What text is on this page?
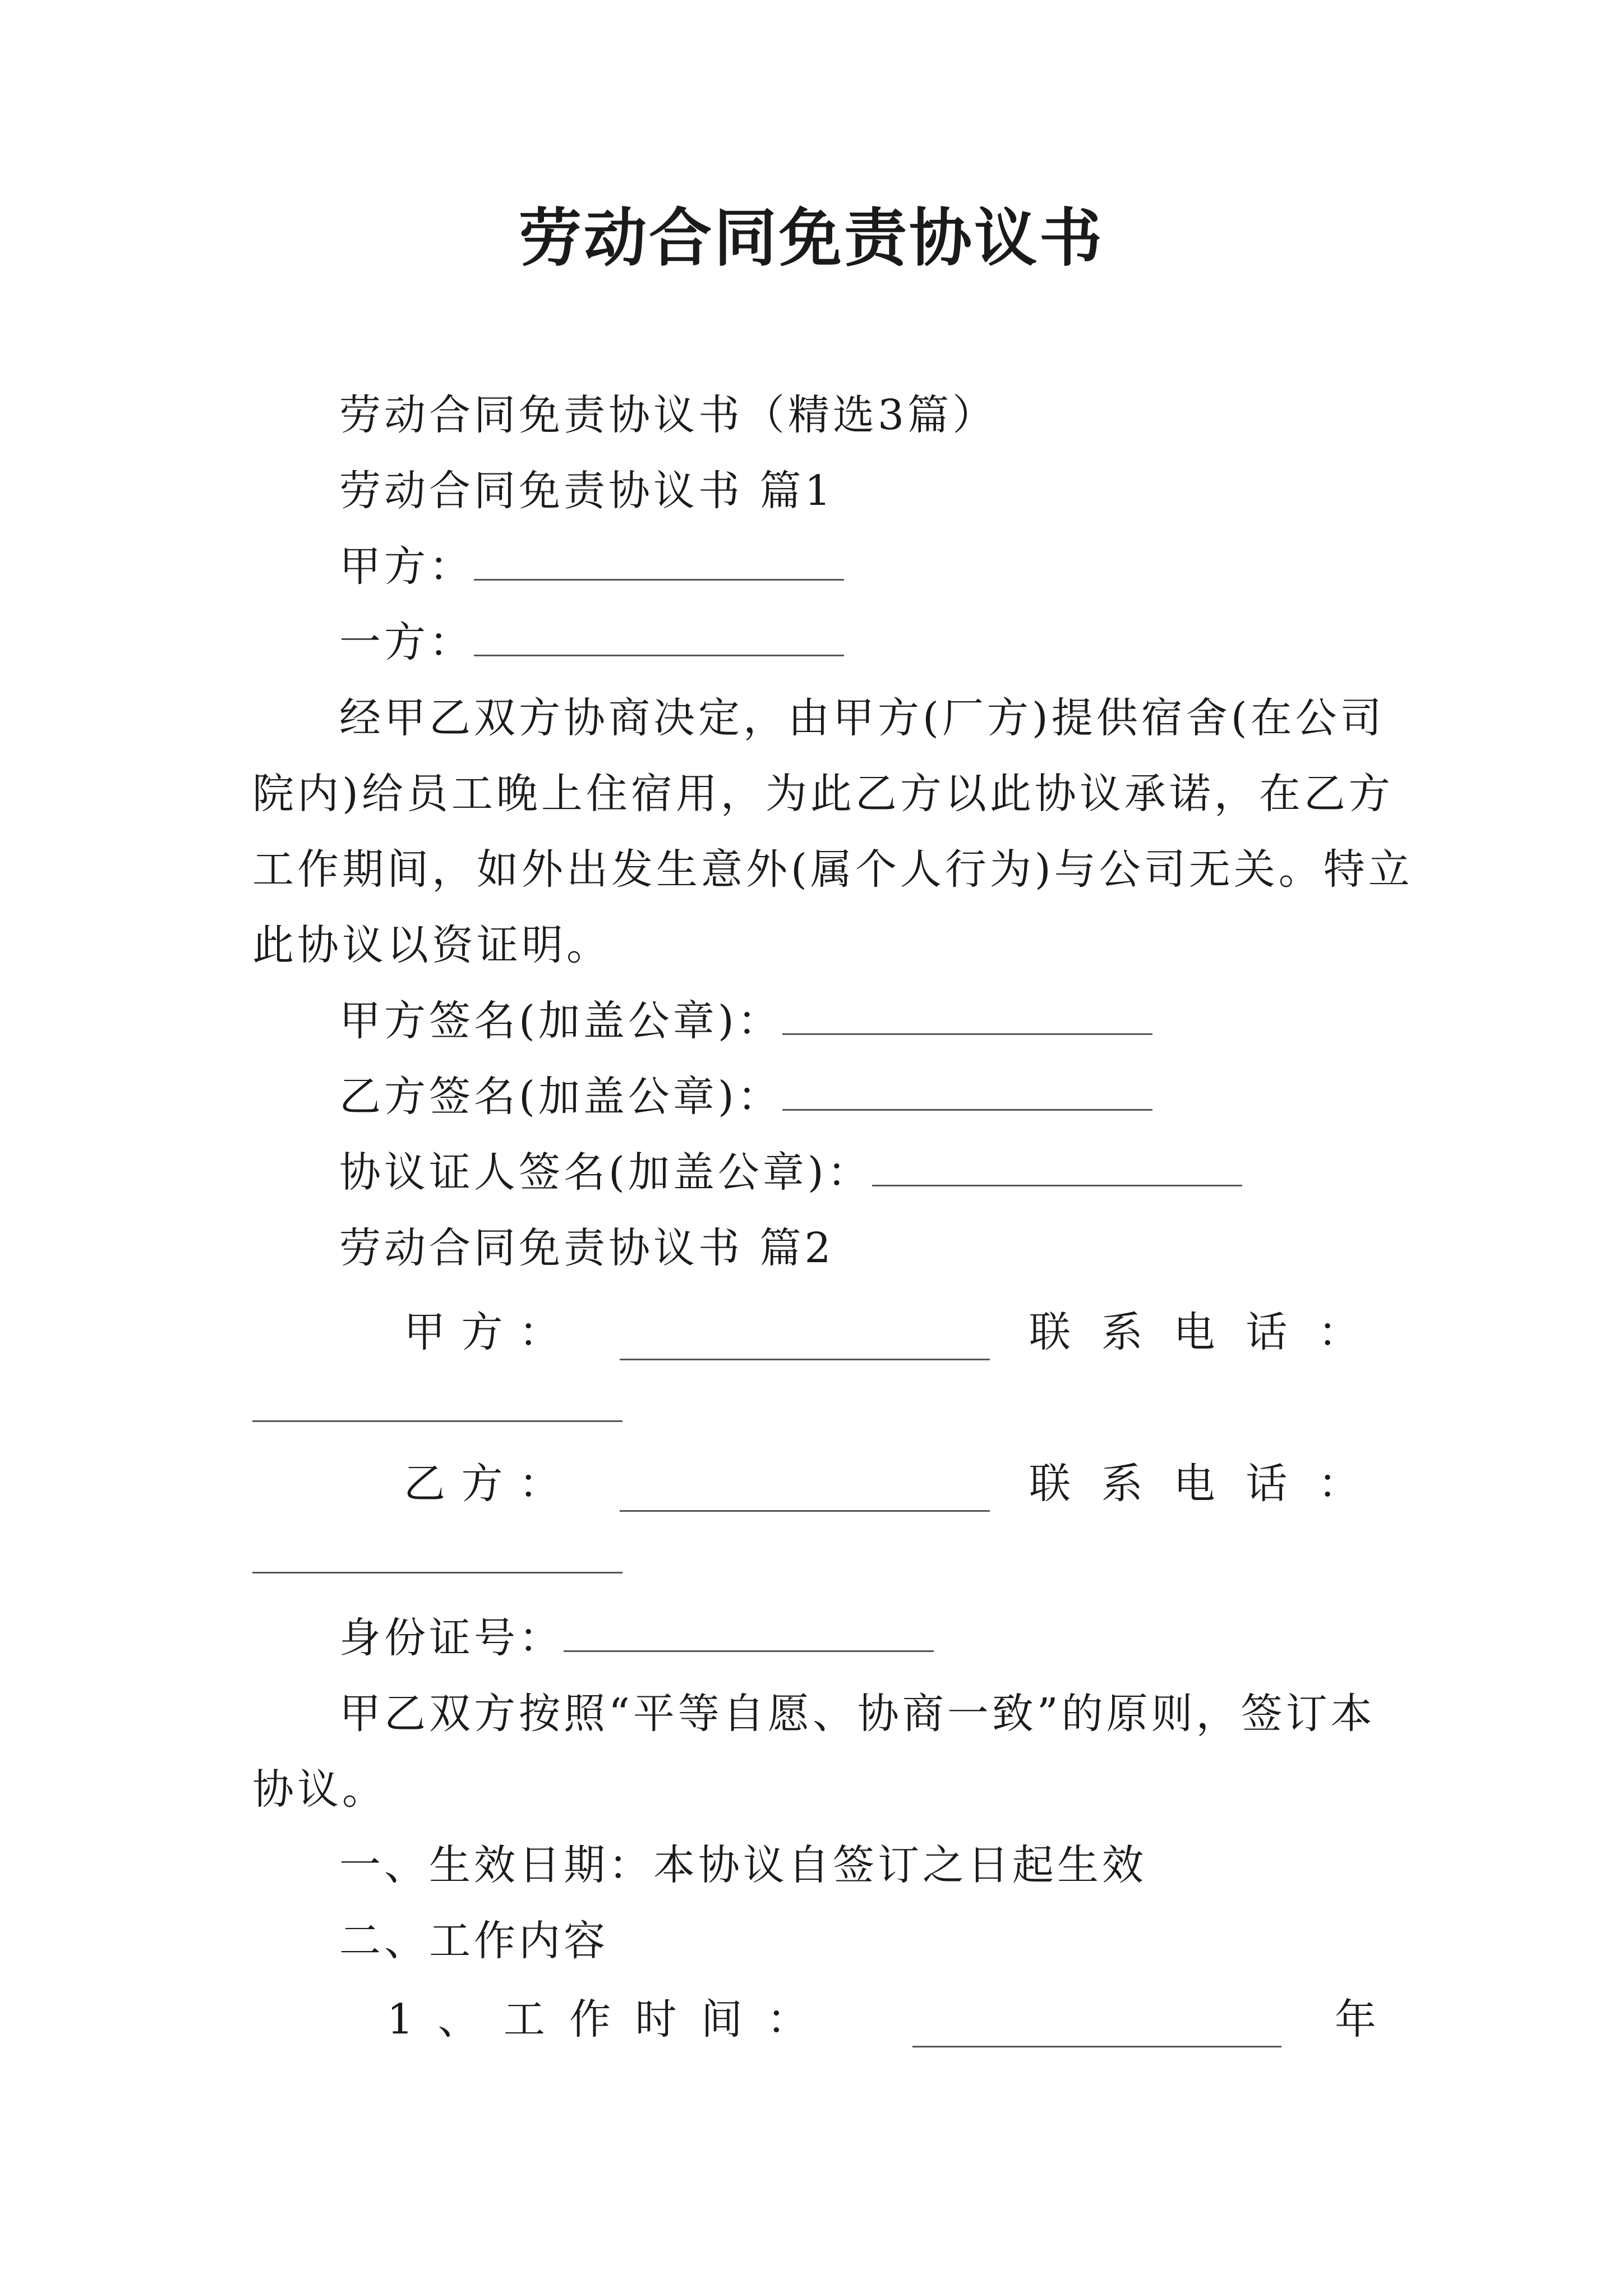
劳动合同免责协议书
劳动合同免责协议书（精选3篇）
劳动合同免责协议书 篇1
甲方：
一方：
经甲乙双方协商决定，由甲方(厂方)提供宿舍(在公司
院内)给员工晚上住宿用，为此乙方以此协议承诺，在乙方
工作期间，如外出发生意外(属个人行为)与公司无关。特立
此协议以资证明。
甲方签名(加盖公章)：
乙方签名(加盖公章)：
协议证人签名(加盖公章)：
劳动合同免责协议书 篇2
甲 方 ：	联 系 电 话 ：
乙 方 ：	联 系 电 话 ：
身份证号：
甲乙双方按照“平等自愿、协商一致”的原则，签订本
协议。
一、生效日期：本协议自签订之日起生效
二、工作内容
1 、 工 作 时 间 ：	年
